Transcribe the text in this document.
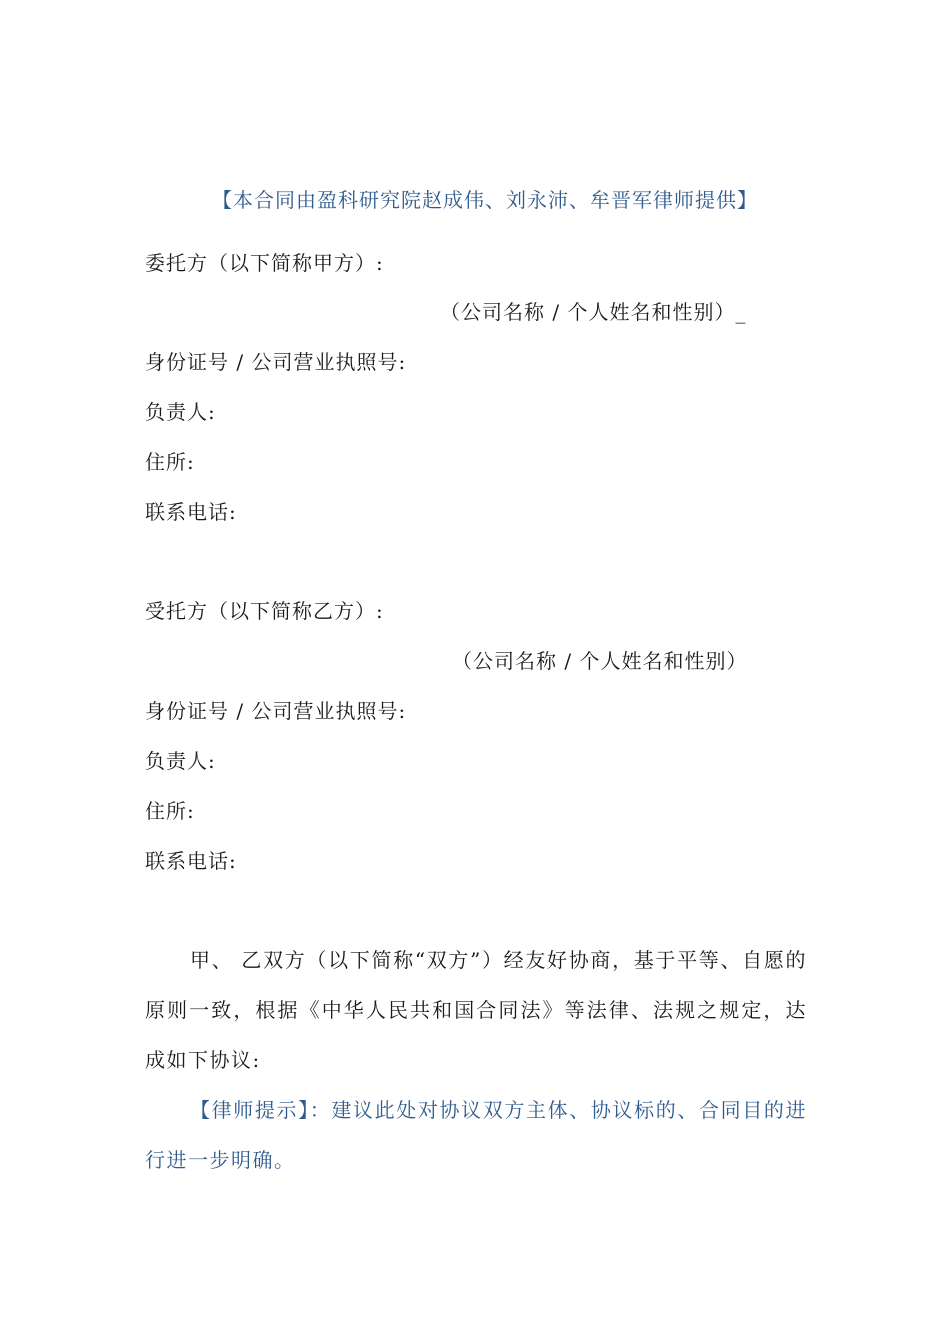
【本合同由盈科研究院赵成伟、刘永沛、牟晋军律师提供】
委托方（以下简称甲方）:
（公司名称 / 个人姓名和性别）_
身份证号 / 公司营业执照号:
负责人:
住所:
联系电话:
受托方（以下简称乙方）:
（公司名称 / 个人姓名和性别）
身份证号 / 公司营业执照号:
负责人:
住所:
联系电话:
甲、 乙双方（以下简称“双方”）经友好协商，基于平等、自愿的原则一致，根据《中华人民共和国合同法》等法律、法规之规定，达成如下协议:
【律师提示】：建议此处对协议双方主体、协议标的、合同目的进行进一步明确。
